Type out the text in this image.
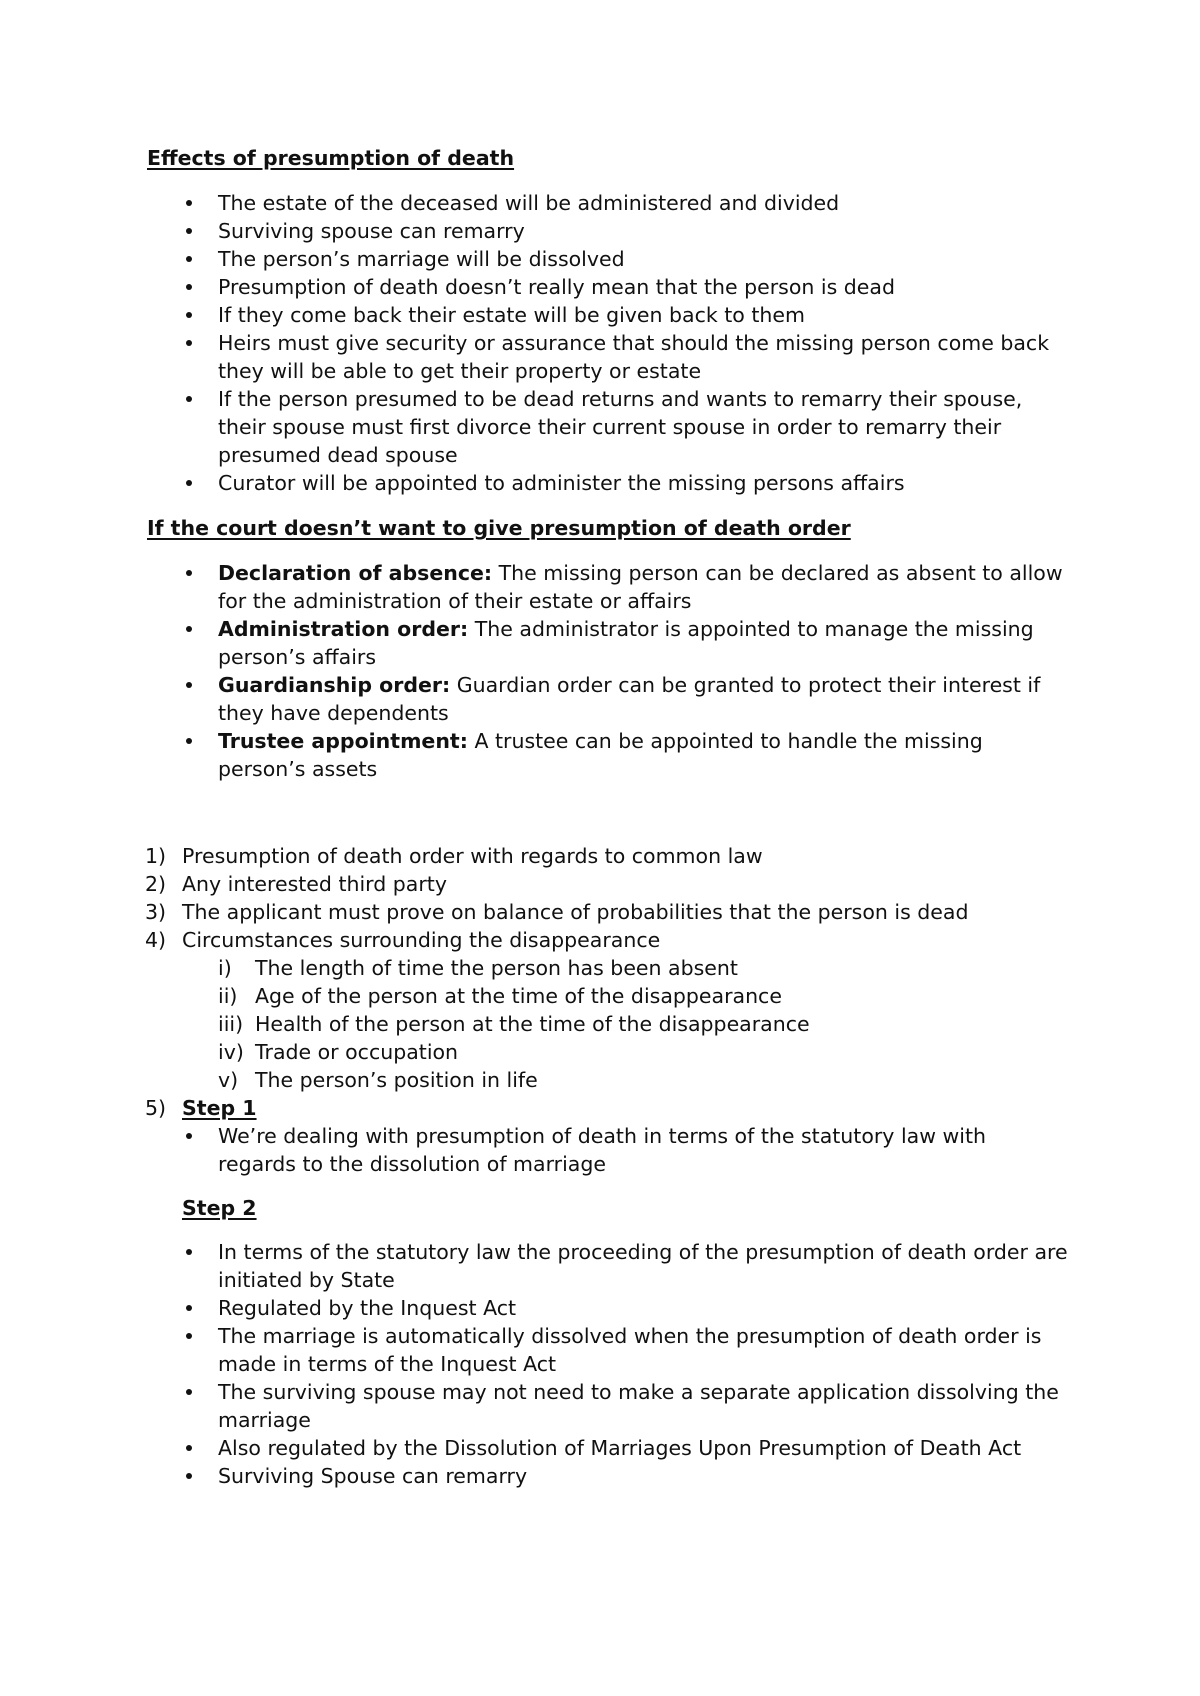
Effects of presumption of death
The estate of the deceased will be administered and divided
Surviving spouse can remarry
The person’s marriage will be dissolved
Presumption of death doesn’t really mean that the person is dead
If they come back their estate will be given back to them
Heirs must give security or assurance that should the missing person come back they will be able to get their property or estate
If the person presumed to be dead returns and wants to remarry their spouse, their spouse must first divorce their current spouse in order to remarry their presumed dead spouse
Curator will be appointed to administer the missing persons affairs
If the court doesn’t want to give presumption of death order
Declaration of absence: The missing person can be declared as absent to allow for the administration of their estate or affairs
Administration order: The administrator is appointed to manage the missing person’s affairs
Guardianship order: Guardian order can be granted to protect their interest if they have dependents
Trustee appointment: A trustee can be appointed to handle the missing person’s assets
1) Presumption of death order with regards to common law
2) Any interested third party
3) The applicant must prove on balance of probabilities that the person is dead
4) Circumstances surrounding the disappearance
i) The length of time the person has been absent
ii) Age of the person at the time of the disappearance
iii) Health of the person at the time of the disappearance
iv) Trade or occupation
v) The person’s position in life
5) Step 1
We’re dealing with presumption of death in terms of the statutory law with regards to the dissolution of marriage
Step 2
In terms of the statutory law the proceeding of the presumption of death order are initiated by State
Regulated by the Inquest Act
The marriage is automatically dissolved when the presumption of death order is made in terms of the Inquest Act
The surviving spouse may not need to make a separate application dissolving the marriage
Also regulated by the Dissolution of Marriages Upon Presumption of Death Act
Surviving Spouse can remarry
